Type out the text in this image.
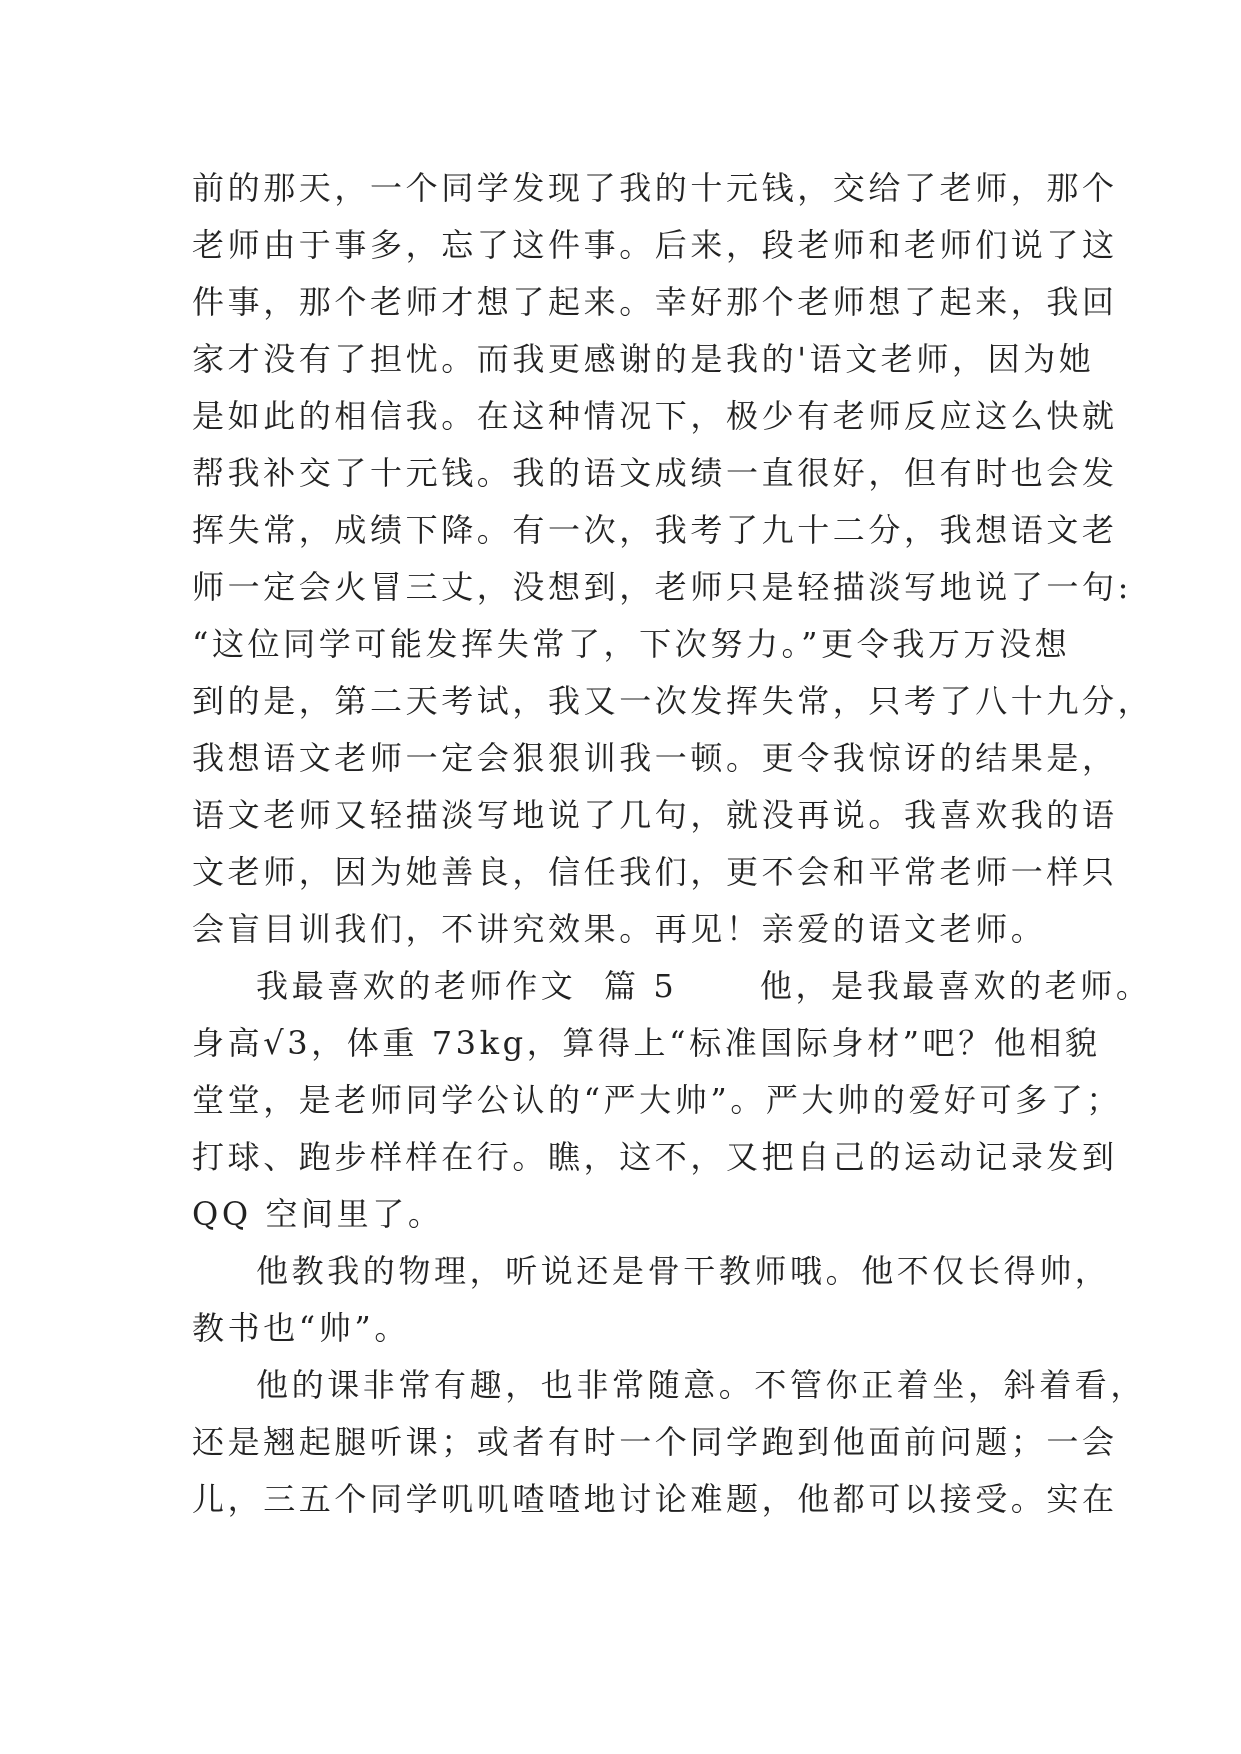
前的那天，一个同学发现了我的十元钱，交给了老师，那个
老师由于事多，忘了这件事。后来，段老师和老师们说了这
件事，那个老师才想了起来。幸好那个老师想了起来，我回
家才没有了担忧。而我更感谢的是我的'语文老师，因为她
是如此的相信我。在这种情况下，极少有老师反应这么快就
帮我补交了十元钱。我的语文成绩一直很好，但有时也会发
挥失常，成绩下降。有一次，我考了九十二分，我想语文老
师一定会火冒三丈，没想到，老师只是轻描淡写地说了一句:
“这位同学可能发挥失常了，下次努力。”更令我万万没想
到的是，第二天考试，我又一次发挥失常，只考了八十九分，
我想语文老师一定会狠狠训我一顿。更令我惊讶的结果是，
语文老师又轻描淡写地说了几句，就没再说。我喜欢我的语
文老师，因为她善良，信任我们，更不会和平常老师一样只
会盲目训我们，不讲究效果。再见！亲爱的语文老师。
我最喜欢的老师作文  篇 5      他，是我最喜欢的老师。
身高√3，体重 73kg，算得上“标准国际身材”吧？他相貌
堂堂，是老师同学公认的“严大帅”。严大帅的爱好可多了；
打球、跑步样样在行。瞧，这不，又把自己的运动记录发到
QQ 空间里了。
他教我的物理，听说还是骨干教师哦。他不仅长得帅，
教书也“帅”。
他的课非常有趣，也非常随意。不管你正着坐，斜着看，
还是翘起腿听课；或者有时一个同学跑到他面前问题；一会
儿，三五个同学叽叽喳喳地讨论难题，他都可以接受。实在
